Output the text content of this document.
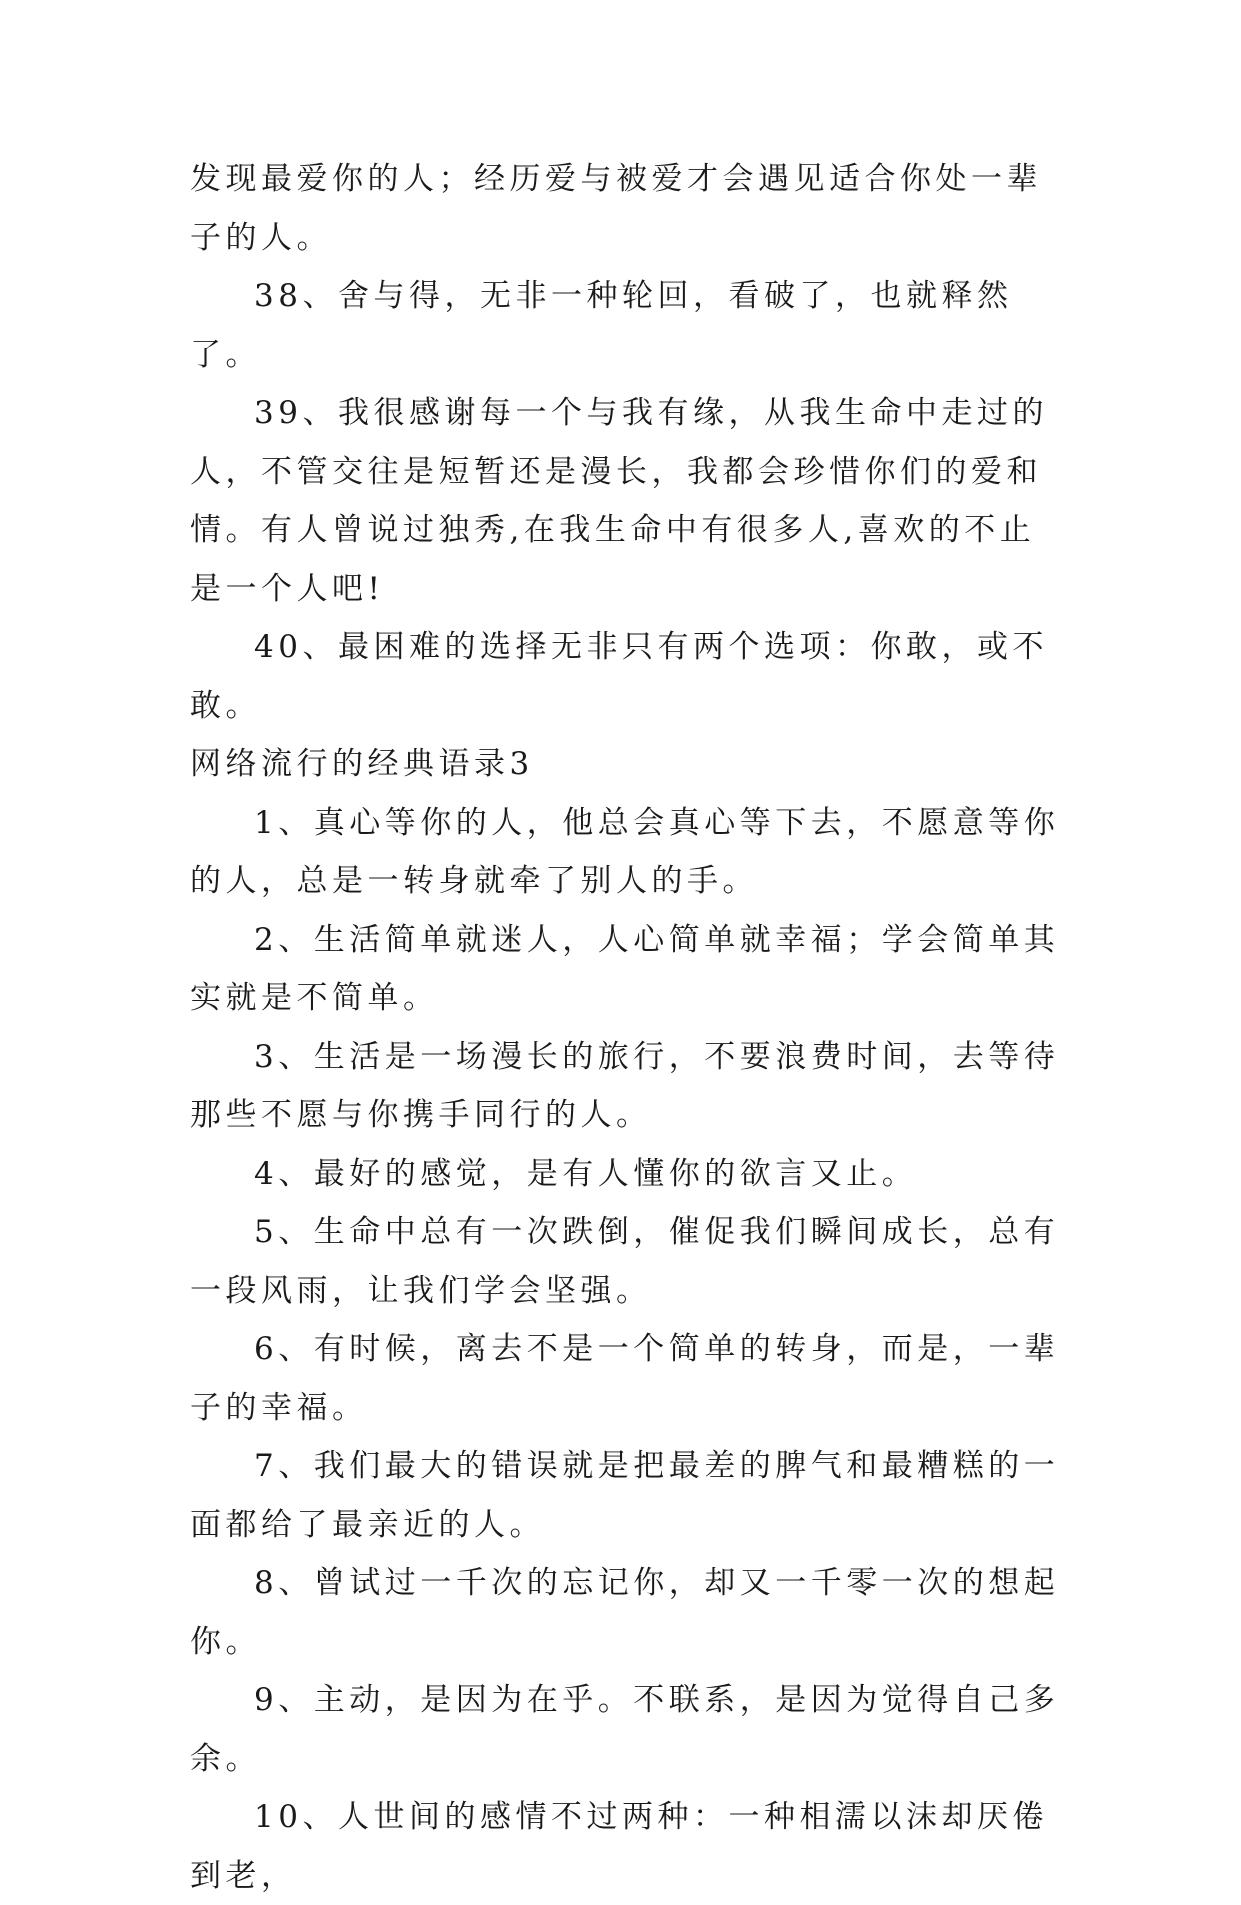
发现最爱你的人；经历爱与被爱才会遇见适合你处一辈子的人。

38、舍与得，无非一种轮回，看破了，也就释然了。

39、我很感谢每一个与我有缘，从我生命中走过的人，不管交往是短暂还是漫长，我都会珍惜你们的爱和情。有人曾说过独秀,在我生命中有很多人,喜欢的不止是一个人吧!

40、最困难的选择无非只有两个选项：你敢，或不敢。

网络流行的经典语录3

1、真心等你的人，他总会真心等下去，不愿意等你的人，总是一转身就牵了别人的手。

2、生活简单就迷人，人心简单就幸福；学会简单其实就是不简单。

3、生活是一场漫长的旅行，不要浪费时间，去等待那些不愿与你携手同行的人。

4、最好的感觉，是有人懂你的欲言又止。

5、生命中总有一次跌倒，催促我们瞬间成长，总有一段风雨，让我们学会坚强。

6、有时候，离去不是一个简单的转身，而是，一辈子的幸福。

7、我们最大的错误就是把最差的脾气和最糟糕的一面都给了最亲近的人。

8、曾试过一千次的忘记你，却又一千零一次的想起你。

9、主动，是因为在乎。不联系，是因为觉得自己多余。

10、人世间的感情不过两种：一种相濡以沫却厌倦到老，
